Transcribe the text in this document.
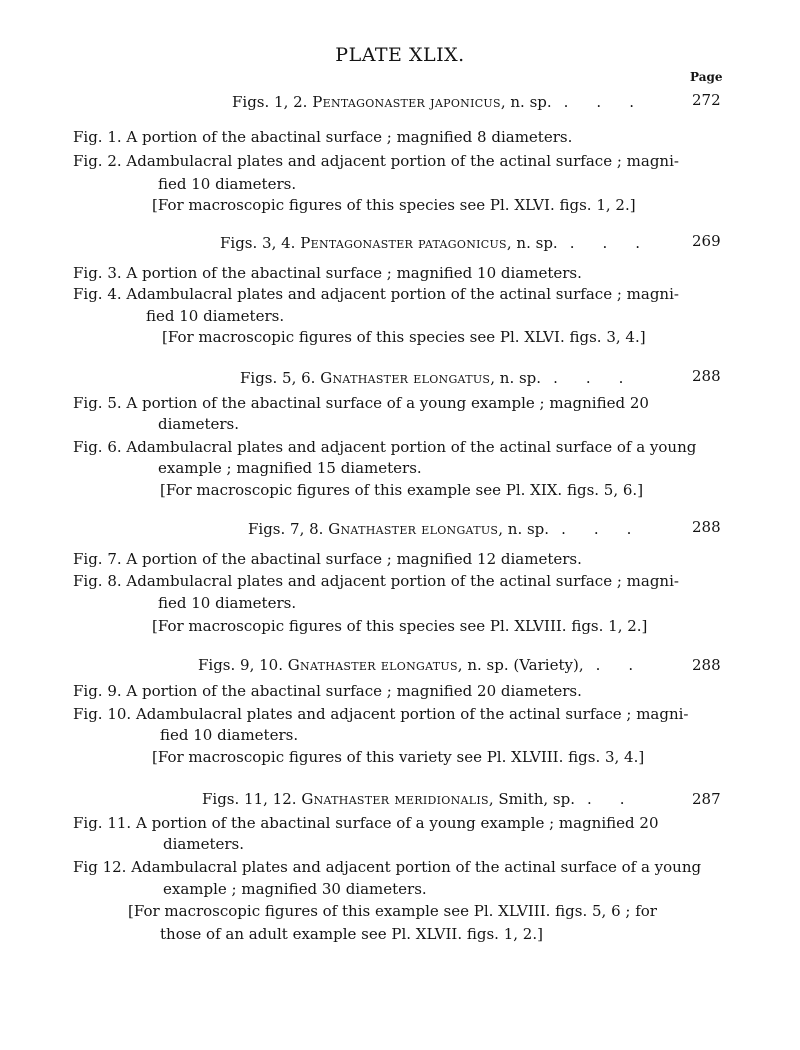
PLATE XLIX.
Page
Figs. 1, 2. Pentagonaster japonicus, n. sp. ... 272
Fig. 1. A portion of the abactinal surface ; magnified 8 diameters.
Fig. 2. Adambulacral plates and adjacent portion of the actinal surface ; magni-
fied 10 diameters.
[For macroscopic figures of this species see Pl. XLVI. figs. 1, 2.]
Figs. 3, 4. Pentagonaster patagonicus, n. sp. ... 269
Fig. 3. A portion of the abactinal surface ; magnified 10 diameters.
Fig. 4. Adambulacral plates and adjacent portion of the actinal surface ; magni-
fied 10 diameters.
[For macroscopic figures of this species see Pl. XLVI. figs. 3, 4.]
Figs. 5, 6. Gnathaster elongatus, n. sp. ...	288
Fig. 5. A portion of the abactinal surface of a young example ; magnified 20
diameters.
Fig. 6. Adambulacral plates and adjacent portion of the actinal surface of a young
example ; magnified 15 diameters.
[For macroscopic figures of this example see Pl. XIX. figs. 5, 6.]
Figs. 7, 8. Gnathaster elongatus, n. sp. ... 288
Fig. 7. A portion of the abactinal surface ; magnified 12 diameters.
Fig. 8. Adambulacral plates and adjacent portion of the actinal surface ; magni-
fied 10 diameters.
[For macroscopic figures of this species see Pl. XLVIII. figs. 1, 2.]
Figs. 9, 10. Gnathaster elongatus, n. sp. (Variety), .. 288
Fig. 9. A portion of the abactinal surface ; magnified 20 diameters.
Fig. 10. Adambulacral plates and adjacent portion of the actinal surface ; magni-
fied 10 diameters.
[For macroscopic figures of this variety see Pl. XLVIII. figs. 3, 4.]
Figs. 11, 12. Gnathaster meridionalis, Smith, sp. ..	287
Fig. 11. A portion of the abactinal surface of a young example ; magnified 20
diameters.
Fig 12. Adambulacral plates and adjacent portion of the actinal surface of a young
example ; magnified 30 diameters.
[For macroscopic figures of this example see Pl. XLVIII. figs. 5, 6 ; for
those of an adult example see Pl. XLVII. figs. 1, 2.]
